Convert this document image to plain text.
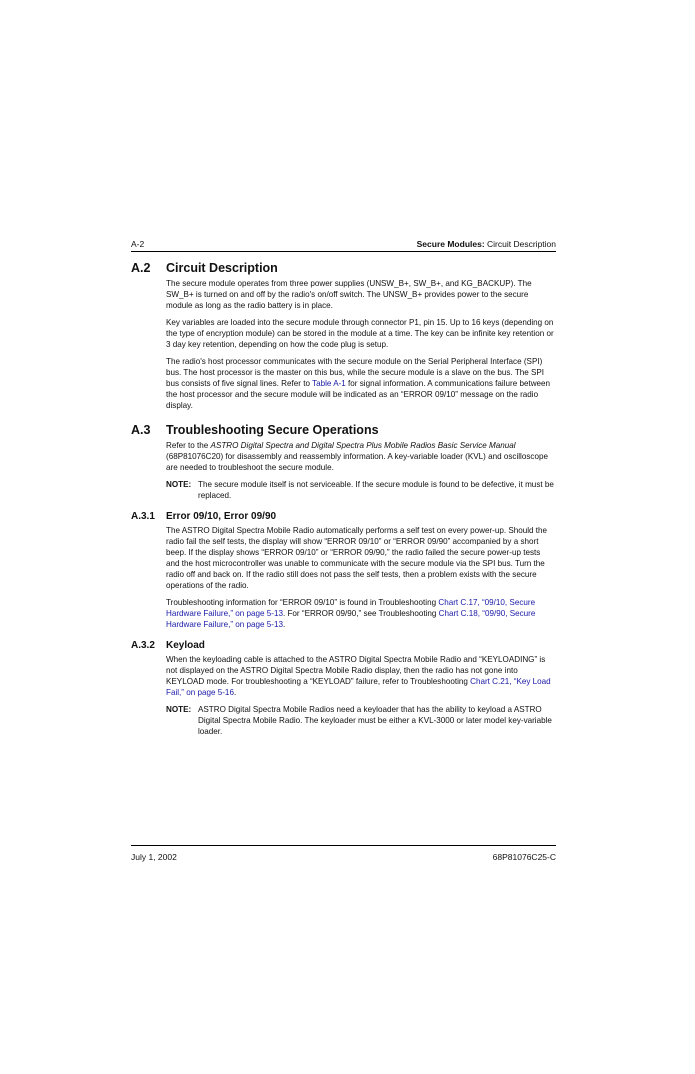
A-2	Secure Modules: Circuit Description
A.2 Circuit Description

The secure module operates from three power supplies (UNSW_B+, SW_B+, and KG_BACKUP). The SW_B+ is turned on and off by the radio's on/off switch. The UNSW_B+ provides power to the secure module as long as the radio battery is in place.

Key variables are loaded into the secure module through connector P1, pin 15. Up to 16 keys (depending on the type of encryption module) can be stored in the module at a time. The key can be infinite key retention or 3 day key retention, depending on how the code plug is setup.

The radio's host processor communicates with the secure module on the Serial Peripheral Interface (SPI) bus. The host processor is the master on this bus, while the secure module is a slave on the bus. The SPI bus consists of five signal lines. Refer to Table A-1 for signal information. A communications failure between the host processor and the secure module will be indicated as an “ERROR 09/10” message on the radio display.

A.3 Troubleshooting Secure Operations

Refer to the ASTRO Digital Spectra and Digital Spectra Plus Mobile Radios Basic Service Manual (68P81076C20) for disassembly and reassembly information. A key-variable loader (KVL) and oscilloscope are needed to troubleshoot the secure module.

NOTE: The secure module itself is not serviceable. If the secure module is found to be defective, it must be replaced.
A.3.1 Error 09/10, Error 09/90

The ASTRO Digital Spectra Mobile Radio automatically performs a self test on every power-up. Should the radio fail the self tests, the display will show “ERROR 09/10” or “ERROR 09/90” accompanied by a short beep. If the display shows “ERROR 09/10” or “ERROR 09/90,” the radio failed the secure power-up tests and the host microcontroller was unable to communicate with the secure module via the SPI bus. Turn the radio off and back on. If the radio still does not pass the self tests, then a problem exists with the secure operations of the radio.

Troubleshooting information for “ERROR 09/10” is found in Troubleshooting Chart C.17, “09/10, Secure Hardware Failure,” on page 5-13. For “ERROR 09/90,” see Troubleshooting Chart C.18, “09/90, Secure Hardware Failure,” on page 5-13.

A.3.2 Keyload

When the keyloading cable is attached to the ASTRO Digital Spectra Mobile Radio and “KEYLOADING” is not displayed on the ASTRO Digital Spectra Mobile Radio display, then the radio has not gone into KEYLOAD mode. For troubleshooting a “KEYLOAD” failure, refer to Troubleshooting Chart C.21, “Key Load Fail,” on page 5-16.

NOTE: ASTRO Digital Spectra Mobile Radios need a keyloader that has the ability to keyload a ASTRO Digital Spectra Mobile Radio. The keyloader must be either a KVL-3000 or later model key-variable loader.
July 1, 2002	68P81076C25-C
